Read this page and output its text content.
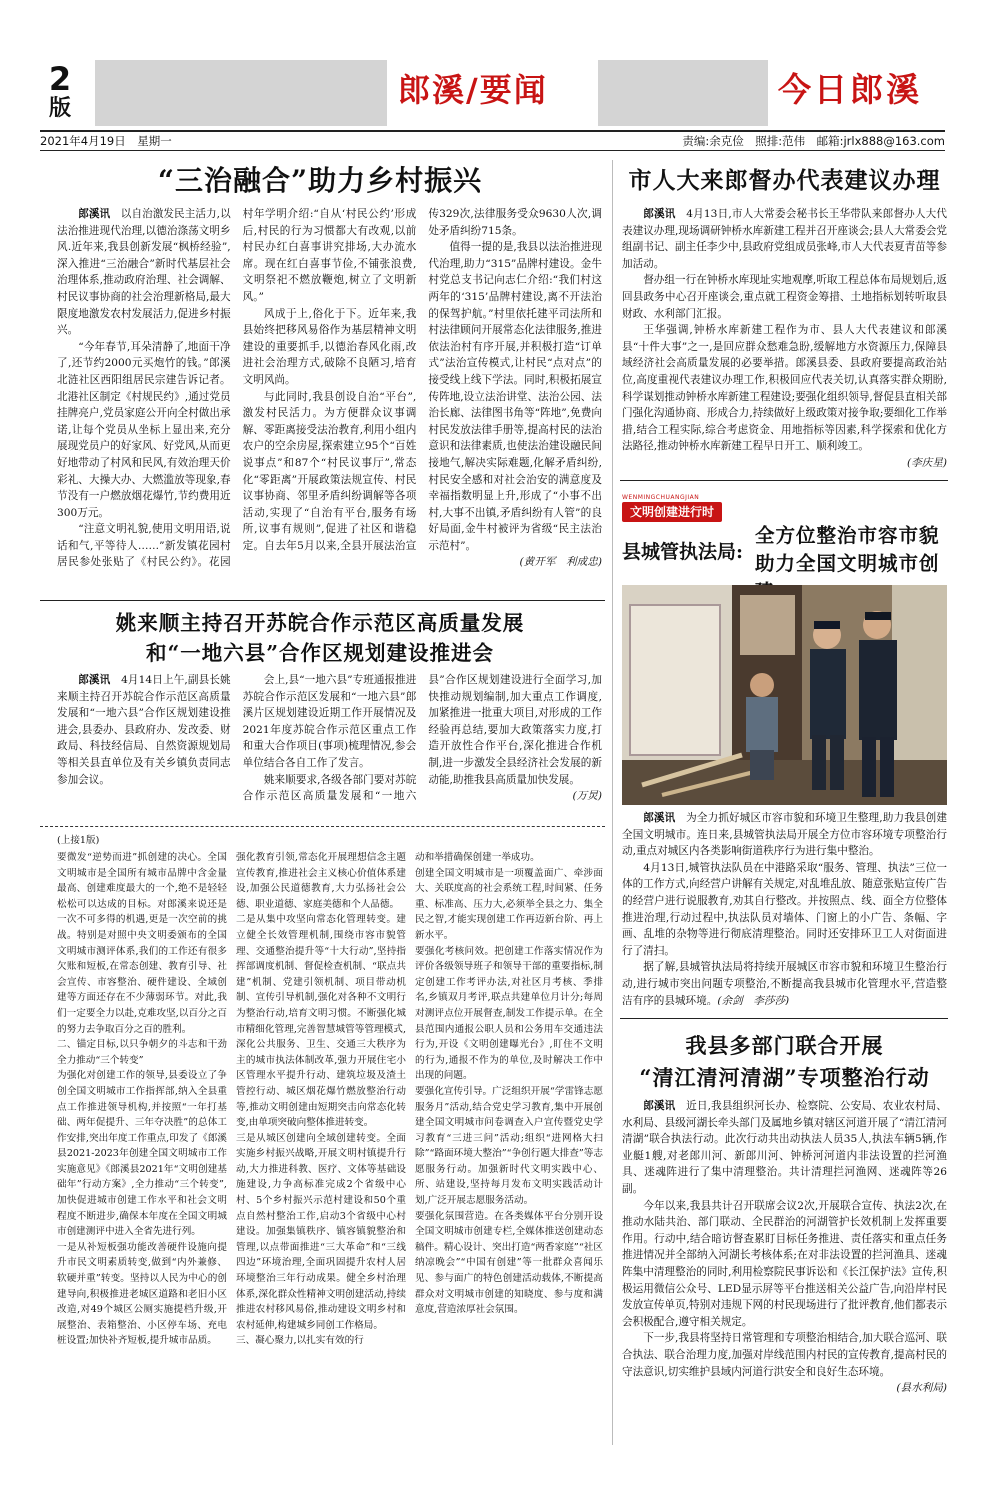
2
版	郎溪/要闻	今日郎溪
2021年4月19日　 星期一	责编:余克俭　照排:范伟　邮箱:jrlx888@163.com
“三治融合”助力乡村振兴

郎溪讯　 以自治激发民主活力,以法治推进现代治理,以德治涤荡文明乡风.近年来,我县创新发展“枫桥经验”,深入推进“三治融合”新时代基层社会治理体系,推动政府治理、社会调解、村民议事协商的社会治理新格局,最大限度地激发农村发展活力,促进乡村振兴。

“今年春节,耳朵清静了,地面干净了,还节约2000元买炮竹的钱。”郎溪北涟社区西阳组居民宗建告诉记者。北港社区制定《村规民约》,通过党员挂牌亮户,党员家庭公开向全村做出承诺,让每个党员从坐标上显出来,充分展现党员户的好家风、好党风,从而更好地带动了村风和民风,有效治理天价彩礼、大操大办、大燃滥放等现象,春节没有一户燃放烟花爆竹,节约费用近300万元。

“注意文明礼貌,使用文明用语,说话和气,平等待人……”新发镇花园村居民参处张贴了《村民公约》。花园村年学明介绍:“自从‘村民公约’形成后,村民的行为习惯都大有改观,以前村民办红白喜事讲究排场,大办流水席。现在红白喜事节俭,不铺张浪费,文明祭祀不燃放鞭炮,树立了文明新风。”

风成于上,俗化于下。近年来,我县始终把移风易俗作为基层精神文明建设的重要抓手,以德治春风化雨,改进社会治理方式,破除不良陋习,培育文明风尚。

与此同时,我县创设自治“平台”,激发村民活力。为方便群众议事调解、零距离接受法治教育,利用小组内农户的空余房屋,探索建立95个“百姓说事点”和87个“村民议事厅”,常态化“零距离”开展政策法规宣传、村民议事协商、邻里矛盾纠纷调解等各项活动,实现了“自治有平台,服务有场所,议事有规则”,促进了社区和谐稳定。自去年5月以来,全县开展法治宣传329次,法律服务受众9630人次,调处矛盾纠纷715条。

值得一提的是,我县以法治推进现代治理,助力“315”品牌村建设。金牛村党总支书记向志仁介绍:“我们村这两年的‘315’品牌村建设,离不开法治的保驾护航。”村里依托建平司法所和村法律顾问开展常态化法律服务,推进依法治村有序开展,并积极打造“订单式”法治宣传模式,让村民“点对点”的接受线上线下学法。同时,积极拓展宣传阵地,设立法治讲堂、法治公园、法治长廊、法律图书角等“阵地”,免费向村民发放法律手册等,提高村民的法治意识和法律素质,也使法治建设融民间接地气,解决实际难题,化解矛盾纠纷,村民安全感和对社会治安的满意度及幸福指数明显上升,形成了“小事不出村,大事不出镇,矛盾纠纷有人管”的良好局面,金牛村被评为省级“民主法治示范村”。

(黄开军　利成忠)

市人大来郎督办代表建议办理

郎溪讯　 4月13日,市人大常委会秘书长王华带队来郎督办人大代表建议办理,现场调研钟桥水库新建工程并召开座谈会;县人大常委会党组副书记、副主任李少中,县政府党组成员张峰,市人大代表夏青苗等参加活动。

督办组一行在钟桥水库现址实地观摩,听取工程总体布局规划后,返回县政务中心召开座谈会,重点就工程资金筹措、土地指标划转听取县财政、水利部门汇报。

王华强调,钟桥水库新建工程作为市、县人大代表建议和郎溪县“十件大事”之一,是回应群众愁难急盼,缓解地方水资源压力,保障县域经济社会高质量发展的必要举措。郎溪县委、县政府要提高政治站位,高度重视代表建议办理工作,积极回应代表关切,认真落实群众期盼,科学谋划推动钟桥水库新建工程建设;要强化组织领导,督促县直相关部门强化沟通协商、形成合力,持续做好上级政策对接争取;要细化工作举措,结合工程实际,综合考虑资金、用地指标等因素,科学探索和优化方法路径,推动钟桥水库新建工程早日开工、顺利竣工。

(李庆星)

WENMINGCHUANGJIAN
文明创建进行时
县城管执法局:
全方位整治市容市貌
助力全国文明城市创

郎溪讯　 为全力抓好城区市容市貌和环境卫生整理,助力我县创建全国文明城市。连日来,县城管执法局开展全方位市容环境专项整治行动,重点对城区内各类影响街道秩序行为进行集中整治。

4月13日,城管执法队员在中港路采取“服务、管理、执法”三位一体的工作方式,向经营户讲解有关规定,对乱堆乱放、随意张贴宣传广告的经营户进行说服教育,劝其自行整改。并按照点、线、面全方位整体推进治理,行动过程中,执法队员对墙体、门窗上的小广告、条幅、字画、乱堆的杂物等进行彻底清理整治。同时还安排环卫工人对街面进行了清扫。

据了解,县城管执法局将持续开展城区市容市貌和环境卫生整治行动,进行城市突出问题专项整治,不断提高我县城市化管理水平,营造整洁有序的县城环境。(余剑　李莎莎)

姚来顺主持召开苏皖合作示范区高质量发展
和“一地六县”合作区规划建设推进会

郎溪讯　 4月14日上午,副县长姚来顺主持召开苏皖合作示范区高质量发展和“一地六县”合作区规划建设推进会,县委办、县政府办、发改委、财政局、科技经信局、自然资源规划局等相关县直单位及有关乡镇负责同志参加会议。

会上,县“一地六县”专班通报推进苏皖合作示范区发展和“一地六县”郎溪片区规划建设近期工作开展情况及2021年度苏皖合作示范区重点工作和重大合作项目(事项)梳理情况,参会单位结合各自工作了发言。

姚来顺要求,各级各部门要对苏皖合作示范区高质量发展和“一地六县”合作区规划建设进行全面学习,加快推动规划编制,加大重点工作调度,加紧推进一批重大项目,对形成的工作经验再总结,要加大政策落实力度,打造开放性合作平台,深化推进合作机制,进一步激发全县经济社会发展的新动能,助推我县高质量加快发展。

(万炅)

(上接1版)
要微发“逆势而进”抓创建的决心。全国文明城市是全国所有城市品牌中含金量最高、创建难度最大的一个,绝不是轻轻松松可以达成的目标。对郎溪来说还是一次不可多得的机遇,更是一次空前的挑战。特别是对照中央文明委颁布的全国文明城市测评体系,我们的工作还有很多欠账和短板,在常态创建、教育引导、社会宣传、市容整治、硬件建设、全域创建等方面还存在不少薄弱环节。对此,我们一定要全力以赴,克难攻坚,以百分之百的努力去争取百分之百的胜利。
二、锚定目标,以只争朝夕的斗志和干劲全力推动“三个转变”
为强化对创建工作的领导,县委设立了争创全国文明城市工作指挥部,纳入全县重点工作推进领导机构,并按照“一年打基础、两年促提升、三年夺决胜”的总体工作安排,突出年度工作重点,印发了《郎溪县2021-2023年创建全国文明城市工作实施意见》《郎溪县2021年“文明创建基础年”行动方案》,全力推动“三个转变”,加快促进城市创建工作水平和社会文明程度不断进步,确保本年度在全国文明城市创建测评中进入全省先进行列。
一是从补短板强功能改善硬件设施向提升市民文明素质转变,做到“内外兼修、软硬并重”转变。坚持以人民为中心的创建导向,积极推进老城区道路和老旧小区改造,对49个城区公厕实施提档升级,开展整治、表箱整治、小区停车场、充电桩设置;加快补齐短板,提升城市品质。
强化教育引领,常态化开展理想信念主题宣传教育,推进社会主义核心价值体系建设,加强公民道德教育,大力弘扬社会公德、职业道德、家庭美德和个人品德。
二是从集中攻坚向常态化管理转变。建立健全长效管理机制,围绕市容市貌管理、交通整治提升等“十大行动”,坚持指挥部调度机制、督促检查机制、“联点共建”机制、党建引领机制、项目带动机制、宣传引导机制,强化对各种不文明行为整治行动,培育文明习惯。不断强化城市精细化管理,完善智慧城管等管理模式,深化公共服务、卫生、交通三大秩序为主的城市执法体制改革,强力开展住宅小区管理水平提升行动、建筑垃圾及渣土管控行动、城区烟花爆竹燃放整治行动等,推动文明创建由短期突击向常态化转变,由单项突破向整体推进转变。
三是从城区创建向全域创建转变。全面实施乡村振兴战略,开展文明村镇提升行动,大力推进科教、医疗、文体等基础设施建设,力争高标准完成2个省级中心村、5个乡村振兴示范村建设和50个重点自然村整治工作,启动3个省级中心村建设。加强集镇秩序、镇容镇貌整治和管理,以点带面推进“三大革命”和“三线四边”环境治理,全面巩固提升农村人居环境整治三年行动成果。健全乡村治理体系,深化群众性精神文明创建活动,持续推进农村移风易俗,推动建设文明乡村和农村延伸,构建城乡同创工作格局。
三、凝心聚力,以扎实有效的行
动和举措确保创建一举成功。
创建全国文明城市是一项覆盖面广、牵涉面大、关联度高的社会系统工程,时间紧、任务重、标准高、压力大,必须举全县之力、集全民之智,才能实现创建工作再迈新台阶、再上新水平。
要强化考核问效。把创建工作落实情况作为评价各级领导班子和领导干部的重要指标,制定创建工作考评办法,对社区月考核、季排名,乡镇双月考评,联点共建单位月计分;每周对测评点位开展督查,制发工作提示单。在全县范围内通报公职人员和公务用车交通违法行为,开设《文明创建曝光台》,盯住不文明的行为,通报不作为的单位,及时解决工作中出现的问题。
要强化宣传引导。广泛组织开展“学雷锋志愿服务月”活动,结合党史学习教育,集中开展创建全国文明城市问卷调查入户宣传暨党史学习教育“三进三问”活动;组织“进网格大扫除”“路面环境大整治”“争创行题大排查”等志愿服务行动。加强新时代文明实践中心、所、站建设,坚持每月发布文明实践活动计划,广泛开展志愿服务活动。
要强化氛围营造。在各类媒体平台分别开设全国文明城市创建专栏,全媒体推送创建动态稿件。精心设计、突出打造“两香家庭”“社区纳凉晚会”“中国有创建”等一批群众喜闻乐见、参与面广的特色创建活动载体,不断提高群众对文明城市创建的知晓度、参与度和满意度,营造浓厚社会氛围。
我县多部门联合开展
“清江清河清湖”专项整治行动

郎溪讯　 近日,我县组织河长办、检察院、公安局、农业农村局、水利局、县级河湖长牵头部门及属地乡镇对辖区河道开展了“清江清河清湖”联合执法行动。此次行动共出动执法人员35人,执法车辆5辆,作业艇1艘,对老郎川河、新郎川河、钟桥河河道内非法设置的拦河渔具、迷魂阵进行了集中清理整治。共计清理拦河渔网、迷魂阵等26副。

今年以来,我县共计召开联席会议2次,开展联合宣传、执法2次,在推动水陆共治、部门联动、全民群治的河湖管护长效机制上发挥重要作用。行动中,结合暗访督查累盯目标任务推进、责任落实和重点任务推进情况并全部纳入河湖长考核体系;在对非法设置的拦河渔具、迷魂阵集中清理整治的同时,利用检察院民事诉讼和《长江保护法》宣传,积极运用微信公众号、LED显示屏等平台推送相关公益广告,向沿岸村民发放宣传单页,特别对违规下网的村民现场进行了批评教育,他们都表示会积极配合,遵守相关规定。

下一步,我县将坚持日常管理和专项整治相结合,加大联合巡河、联合执法、联合治理力度,加强对岸线范围内村民的宣传教育,提高村民的守法意识,切实维护县域内河道行洪安全和良好生态环境。
(县水利局)
